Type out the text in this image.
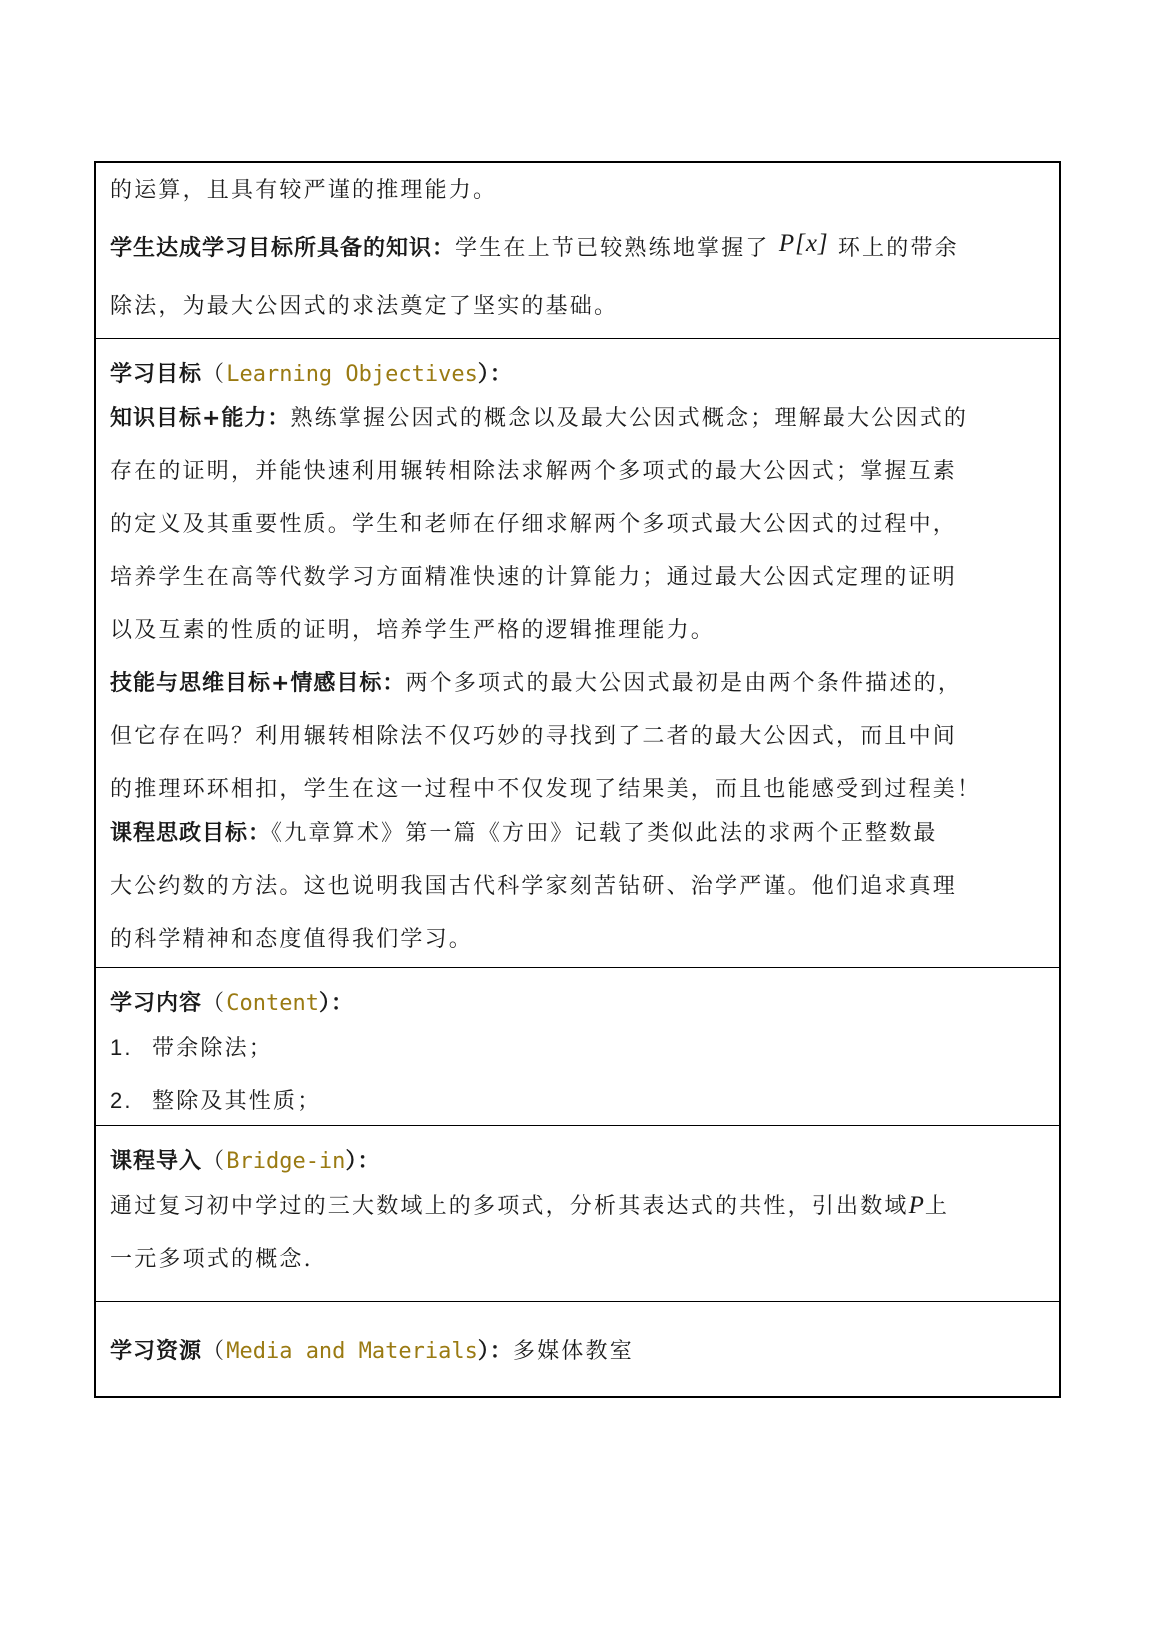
的运算，且具有较严谨的推理能力。
学生达成学习目标所具备的知识：学生在上节已较熟练地掌握了 P[x] 环上的带余
除法，为最大公因式的求法奠定了坚实的基础。
学习目标（Learning Objectives）：
知识目标+能力：熟练掌握公因式的概念以及最大公因式概念；理解最大公因式的
存在的证明，并能快速利用辗转相除法求解两个多项式的最大公因式；掌握互素
的定义及其重要性质。学生和老师在仔细求解两个多项式最大公因式的过程中，
培养学生在高等代数学习方面精准快速的计算能力；通过最大公因式定理的证明
以及互素的性质的证明，培养学生严格的逻辑推理能力。
技能与思维目标+情感目标：两个多项式的最大公因式最初是由两个条件描述的，
但它存在吗？利用辗转相除法不仅巧妙的寻找到了二者的最大公因式，而且中间
的推理环环相扣，学生在这一过程中不仅发现了结果美，而且也能感受到过程美！
课程思政目标：《九章算术》第一篇《方田》记载了类似此法的求两个正整数最
大公约数的方法。这也说明我国古代科学家刻苦钻研、治学严谨。他们追求真理
的科学精神和态度值得我们学习。
学习内容（Content）：
1. 带余除法；
2. 整除及其性质；
课程导入（Bridge-in）：
通过复习初中学过的三大数域上的多项式，分析其表达式的共性，引出数域P上
一元多项式的概念.
学习资源（Media and Materials）：多媒体教室
